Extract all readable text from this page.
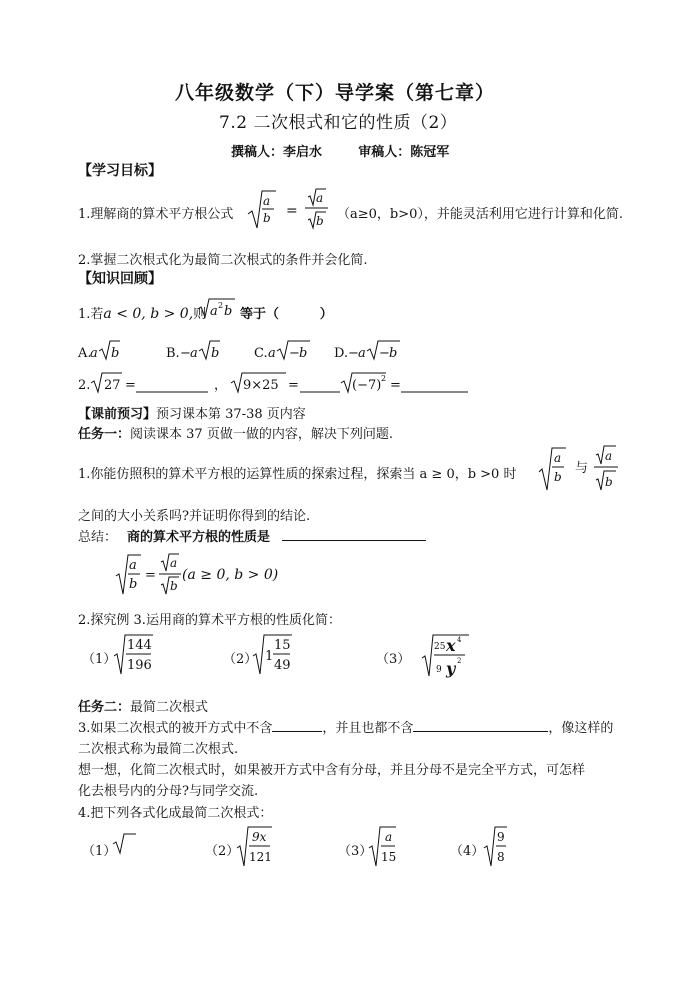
八年级数学（下）导学案（第七章）
7.2 二次根式和它的性质（2）
撰稿人：李启水        审稿人：陈冠军
【学习目标】
1.理解商的算术平方根公式
a
b =
a
b （a≥0，b>0），并能灵活利用它进行计算和化简.
2.掌握二次根式化为最简二次根式的条件并会化简.
【知识回顾】
1.若a < 0, b > 0,则 a 2 b 等于（         ）
A.
a b	B. − a b	C. a − b D. − a − b
2. 27 =	， 9×25 =	(−7) 2 =
【课前预习】预习课本第 37-38 页内容
任务一：阅读课本 37 页做一做的内容，解决下列问题.
1.你能仿照积的算术平方根的运算性质的探索过程，探索当 a ≥ 0，b >0 时
a
b
与
a
b
之间的大小关系吗?并证明你得到的结论.
总结： 商的算术平方根的性质是
a
b
=
a
b
(a ≥ 0, b > 0)
2.探究例 3.运用商的算术平方根的性质化简：
（1）
144
196	（2） 1
15
49	（3）
25 x 4
9 y 2
任务二：最简二次根式
3.如果二次根式的被开方式中不含	，并且也都不含	，像这样的
二次根式称为最简二次根式.
想一想，化简二次根式时，如果被开方式中含有分母，并且分母不是完全平方式，可怎样
化去根号内的分母?与同学交流.
4.把下列各式化成最简二次根式：
（1）	（2）
9x
121	（3）
a
15	（4）
9
8
